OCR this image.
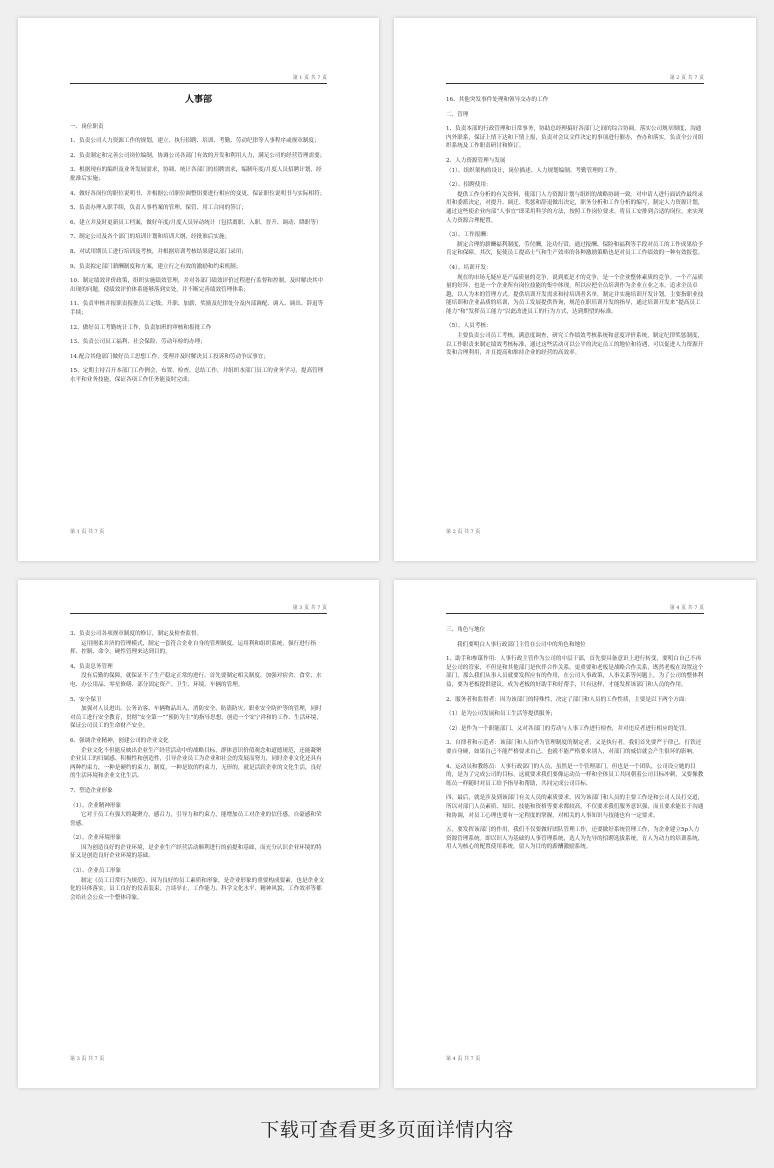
第 1 页 共 7 页
人事部

一、岗位职责

1、负责公司人力资源工作的规划，建立、执行招聘、培训、考勤、劳动纪律等人事程序或规章制度；

2、负责制定和完善公司岗位编制，协调公司各部门有效的开发和利用人力，满足公司的经营管理需要；

3、根据现有的编织及业务发展需求，协调、统计各部门的招聘需求，编制年度/月度人员招聘计划，经批准后实施；

4、做好各岗位的职位说明书，并根据公司职位调整组要进行相应的变更，保证职位说明书与实际相符；

5、负责办理入职手续，负责人事档案的管理、保管、用工合同的签订；

6、建立并及时更新员工档案，做好年度/月度人员异动统计（包括离职、入职、晋升、调动、降职等）

7、制定公司及各个部门的培训计划和培训大纲，经批准后实施；

8、对试用期员工进行培训及考核，并根据培训考核结果建议部门录用；

9、负责拟定部门薪酬制度和方案，建立行之有效的激励和约束机制；

10、制定绩效评价政策，组织实施绩效管理，并对各部门绩效评价过程进行监督和控制，及时解决其中出现的问题，使绩效评价体系能够落到实处，并不断完善绩效管理体系；

11、负责审核并报职责报批员工定级、升职、加薪、奖励及纪律处分及内部调配、调入、调出、辞退等手续；

12、做好员工考勤统计工作，负责加班的审核和报批工作

13、负责公司员工福利、社会保险、劳动年检的办理；

14.配合其他部门做好员工思想工作，受理并及时解决员工投诉和劳动争议事宜；

15、定期主持召开本部门工作例会，布置、检查、总结工作，并组织本部门员工的业务学习，提高管理水平和业务技能，保证各项工作任务能及时完成；

第 1 页 共 7 页
第 2 页 共 7 页

16、其他突发事件处理和领导交办的工作

二、管理

1、负责本部的行政管理和日常事务，协助总经理搞好各部门之间的综合协调，落实公司规章制度，沟通内外联系，保证上情下达和下情上报，负责对会议文件决定的事项进行催办，查办和落实，负责全公司组织系统及工作职责研讨和修订。

2、人力资源管理与发展

（1）、组织架构的设计，岗位描述、人力规划编制、考勤管理的工作。

（2）、招聘使用：

提供工作分析的有关资料，使部门人力资源计划与组织的战略协调一致。对申请人进行面试作最终录用和委派决定，对提升、调迁、奖惩和辞退做出决定，职务分析和工作分析的编写，制定人力资源计划，通过这些使企业内部“人事宜”即采用科学的方法，按照工作岗位要求，将员工安排到合适的岗位，来实现人力资源合理配置。

（3）、工作报酬：

制定合理的薪酬福利制度，劳付酬，论功行赏，通过报酬、保险和福利等手段对员工的工作成果给予肯定和保障，其次，促使员工提高士气和生产效率的各种激励策略也是对员工工作绩效的一种有效报偿。

（4）、培训开发：

现在的市场无疑应是产品质量的竞争，说到底是才的竞争，是一个企业整体素质的竞争。一个产品质量的好坏，也是一个企业所有岗位技能的集中体现，所以应把全员培训作为企业立业之本，追求全员卓越，以人为本的管理方式。提供培训开发需求和持培训者名单，制定并实施培训开发计划。主要指职业技能培训和企业品质的培训，为员工发展提供咨询，规范在职培训开发的指导，通过培训开发来“提高员工能力”和“发挥员工能力”以此改进员工的行为方式，达到期望的标准。

（5）、人员考核：

主要负责公司员工考核，满意度调查，研究工作绩效考核系统和意度评价系统，制定纪律奖惩制度，以工作职责来制定绩效考核标准，通过这些活动可以公平的决定员工的地位和待遇，可以促进人力资源开发和合理利用，并且提高和维持企业的经营的高效率。

第 2 页 共 7 页
第 3 页 共 7 页

3、负责公司各项规章制度的修订，制定及检查监督。

运用刚柔并济的管理模式，制定一套符合企业自身的管理制度，运用利和组织系统，强行进行指挥、控制、命令，硬性管理来达到目的。

4、负责总务管理

没有后勤的保障，就保证不了生产稳定正常的进行。首先要制定相关制度，加强对宿舍、食堂、水电、办公用品、零星修缮、部分固定资产、卫生、环境、车辆的管理。

5、安全保卫

加强对人员进出、公务访客、车辆物品出入、消防安全、防盗防灾、职业安全防护等的管理，同时对员工进行安全教育，贯彻“安全第一”“预防为主”的指导思想，创造一个安宁祥和的工作、生活环境，保证公司员工的生命财产安全。

6、强调企业精神，创建公司的企业文化

企业文化不但能反映出企业生产经营活动中的战略目标，群体意识价值观念和道德规范，还能凝聚企业员工的归属感、积极性和创造性，引导企业员工为企业和社会的发展而努力，同时企业文化还具有两种约束力，一种是硬约的束力，制度，一种是软的约束力，无形的，就是活跃企业的文化生活，良好的生活环境和企业文化生活。

7、塑造企业形象

（1）、企业精神形象

它对于员工有强大的凝聚力，感召力，引导力和约束力，能增加员工对企业的信任感，自豪感和荣誉感。

（2）、企业环境形象

因为创造良好的企业环境，是企业生产经营活动顺利进行的前提和基础，而充分认识企业环境的特征又是创造良好企业环境的基础。

（3）、企业员工形象

制定《员工日常行为规范》，因为良好的员工素质和形象，是企业形象的重要构成要素，也是企业文化的具体落实。员工良好的仪表装束，言谈举止，工作能力、科学文化水平、精神风貌、工作效率等都会给社会公众一个整体印象。

第 3 页 共 7 页
第 4 页 共 7 页

三、角色与地位

我们要明白人事行政部门主管在公司中的角色和地位

1、助手和参谋作用：人事行政主管作为公司的中层干部，首先要具备意识上进行转变，要明白自己不再是公司的管家，不但是和其他部门是伙伴合作关系，更重要和老板是战略合作关系，既然老板在设置这个部门，那么我们从事人员就要发挥应有的作用，在公司人事政策，人事关系等问题上，为了公司的整体利益，要为老板提供建议，成为老板的好助手和好帮手，只有这样，才能发挥该部门和人员的作用。

2、服务者和监督者：因为该部门的特殊性，决定了部门和人员的工作性质，主要是以下两个方面：

（1）是为公司发展和员工生活等提供服务；

（2）是作为一个职能部门，又对各部门的劳动与人事工作进行检查，并对违反者进行相应的处罚。

3、自律者和示范者：该部门和人员作为管理制度的制定者，又是执行者，我们首先要严于律己，打铁还要自身硬，如果自己不能严格要求自己，也就不能严格要求别人，对部门的威信就会产生很坏的影响。

4、运动员和教练员：人事行政部门的人员，虽然是一个管理部门，但也是一个团队，公司设立她的目的，是为了完成公司的目标，这就要求我们要像运动员一样和全体员工共同朝着公司目标冲刺，又要像教练员一样随时对员工给予指导和帮助，共同完成公司目标。

四、最后，就是涉及到该部门有关人员的素质要求，因为该部门和人员的主要工作是和公司人员打交道，所以对部门人员素质、知识、技能和资格等要求都较高，不仅要求我们服务意识强，而且要求能长于沟通和协调，对员工心理也要有一定程度的掌握，对相关的人事知识与技能也有一定要求。

五、要发挥该部门的作用，我们不仅要做好团队管理工作，还要做好系统管理工作，为企业建立5p人力资源管理系统。即以识人为基础的人事管理系统，选人为先导的招聘选拔系统，育人为动力的培训系统，用人为核心的配置使用系统，留人为目的的薪酬激励系统。

第 4 页 共 7 页
下载可查看更多页面详情内容
